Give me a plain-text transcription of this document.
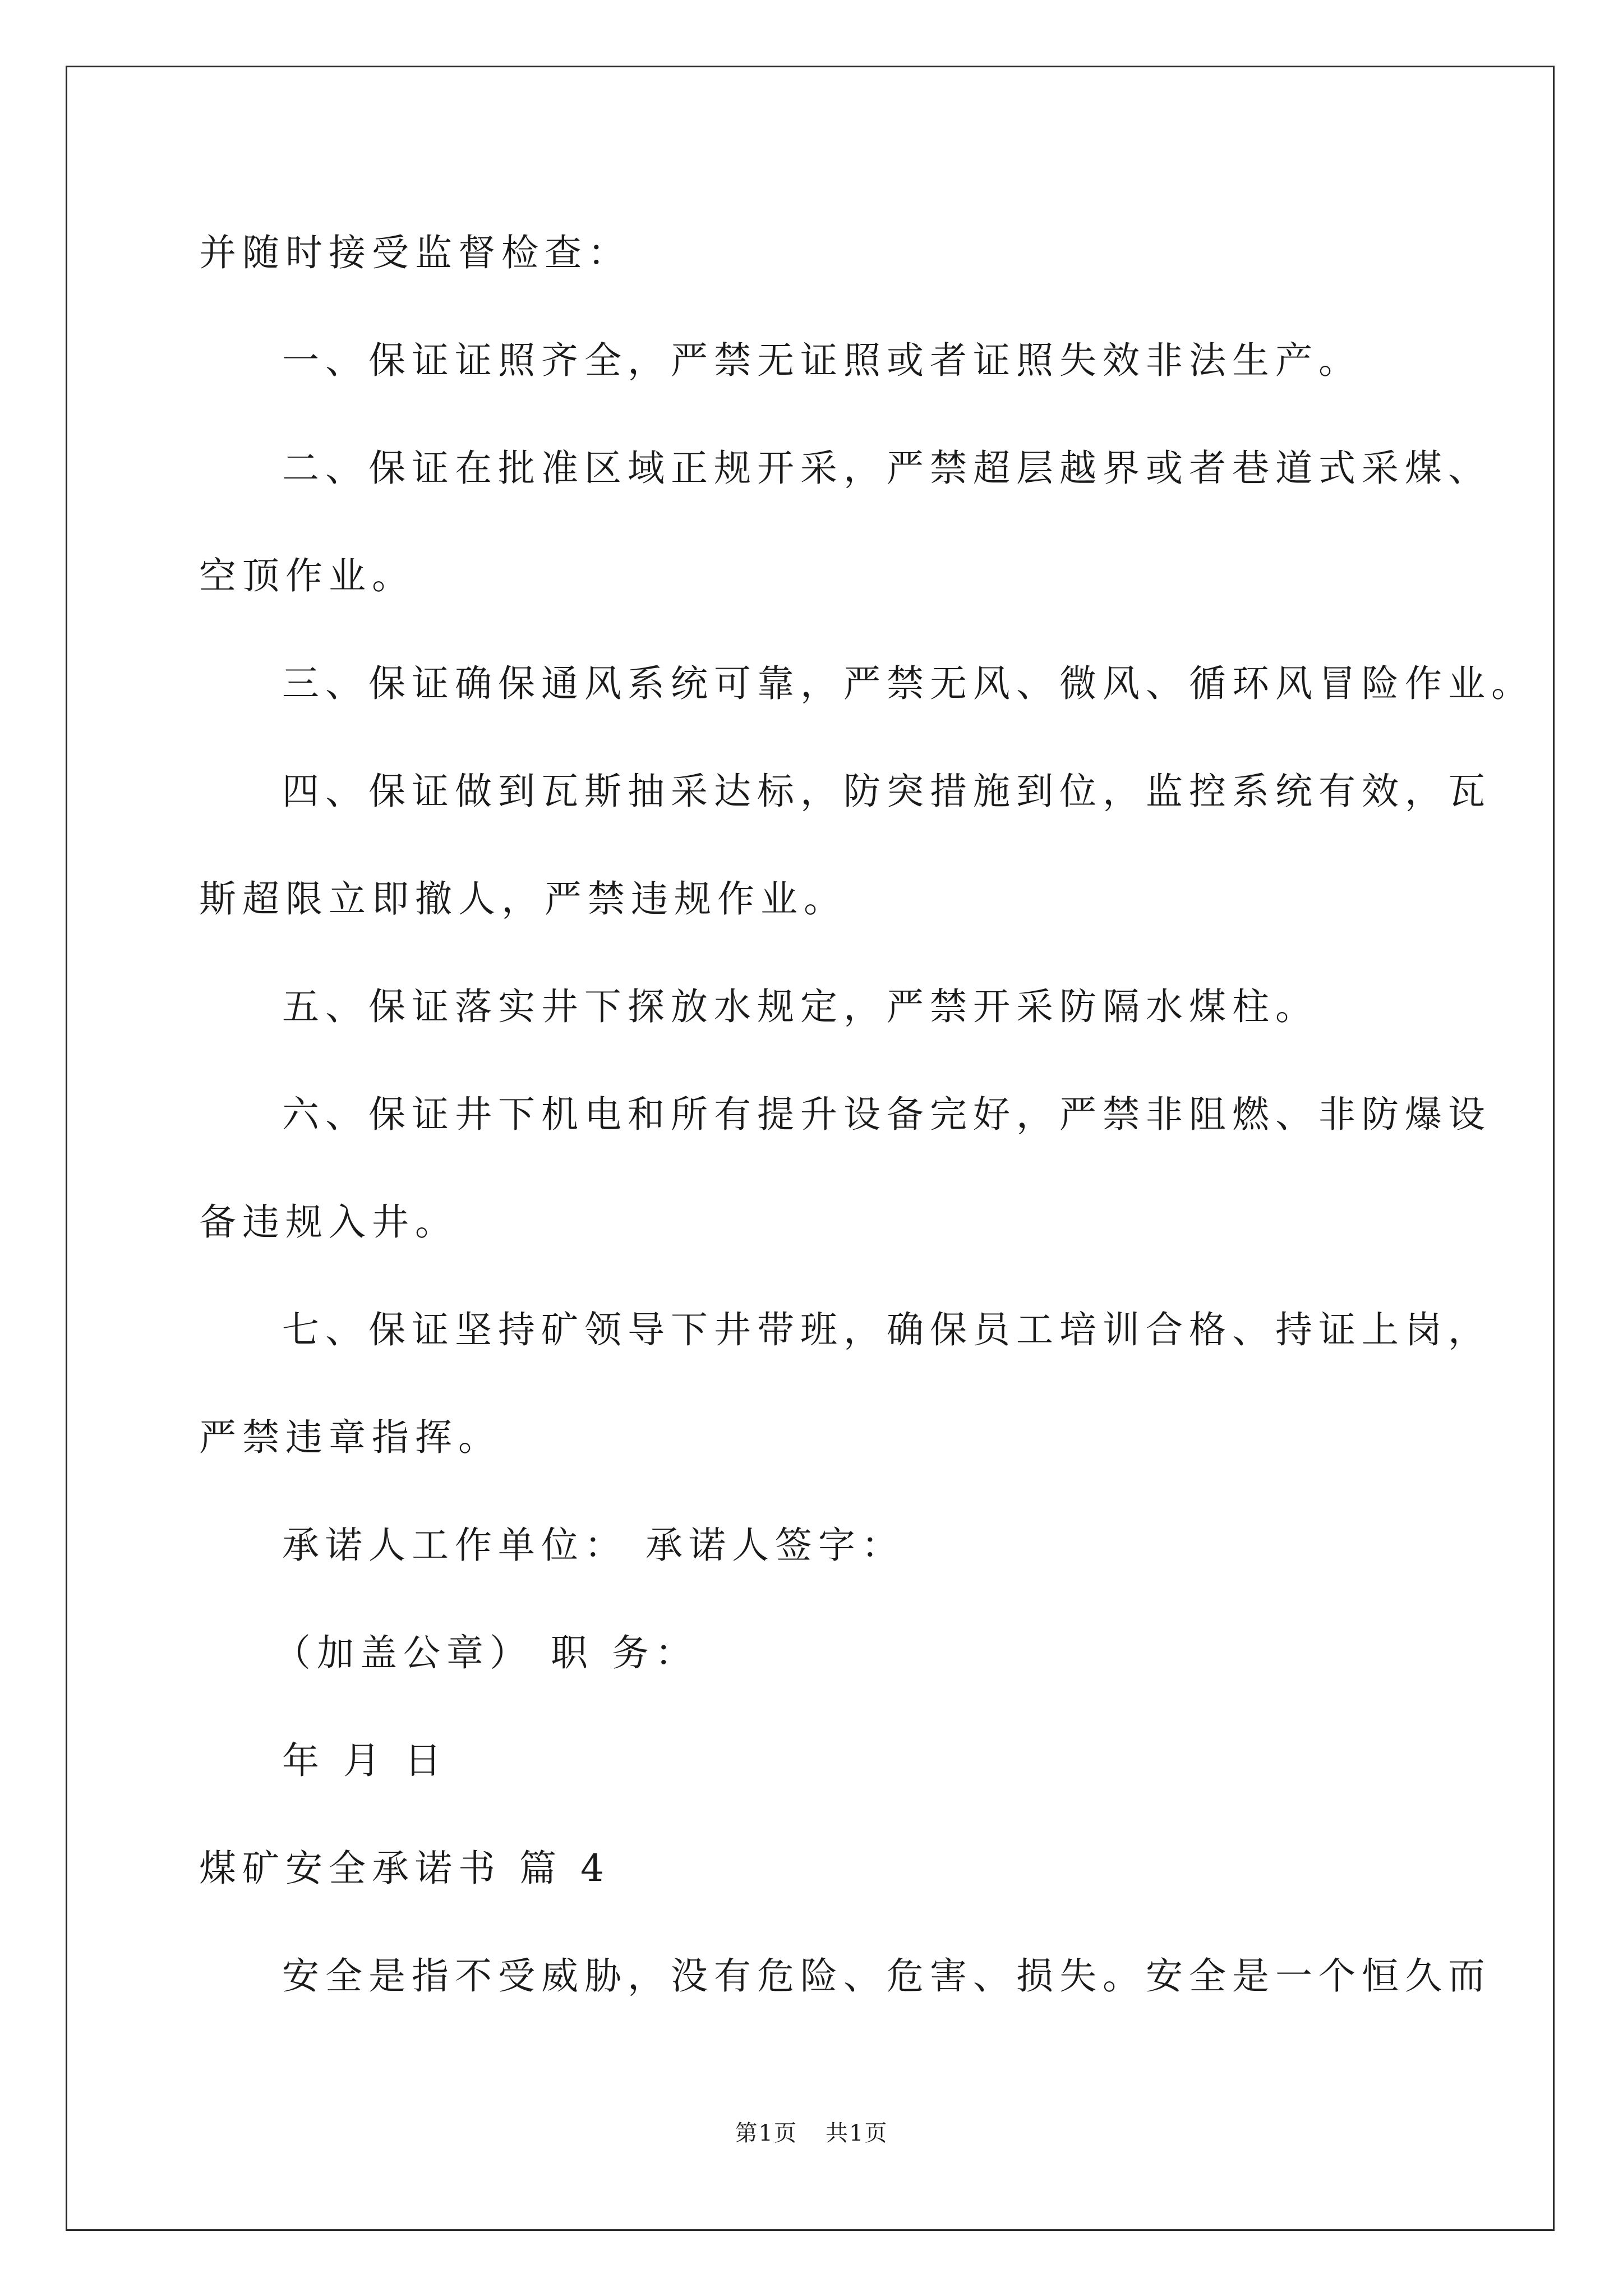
并随时接受监督检查：
一、保证证照齐全，严禁无证照或者证照失效非法生产。
二、保证在批准区域正规开采，严禁超层越界或者巷道式采煤、
空顶作业。
三、保证确保通风系统可靠，严禁无风、微风、循环风冒险作业。
四、保证做到瓦斯抽采达标，防突措施到位，监控系统有效，瓦
斯超限立即撤人，严禁违规作业。
五、保证落实井下探放水规定，严禁开采防隔水煤柱。
六、保证井下机电和所有提升设备完好，严禁非阻燃、非防爆设
备违规入井。
七、保证坚持矿领导下井带班，确保员工培训合格、持证上岗，
严禁违章指挥。
承诺人工作单位： 承诺人签字：
（加盖公章） 职 务：
年 月 日
煤矿安全承诺书 篇 4
安全是指不受威胁，没有危险、危害、损失。安全是一个恒久而
第1页 共1页
